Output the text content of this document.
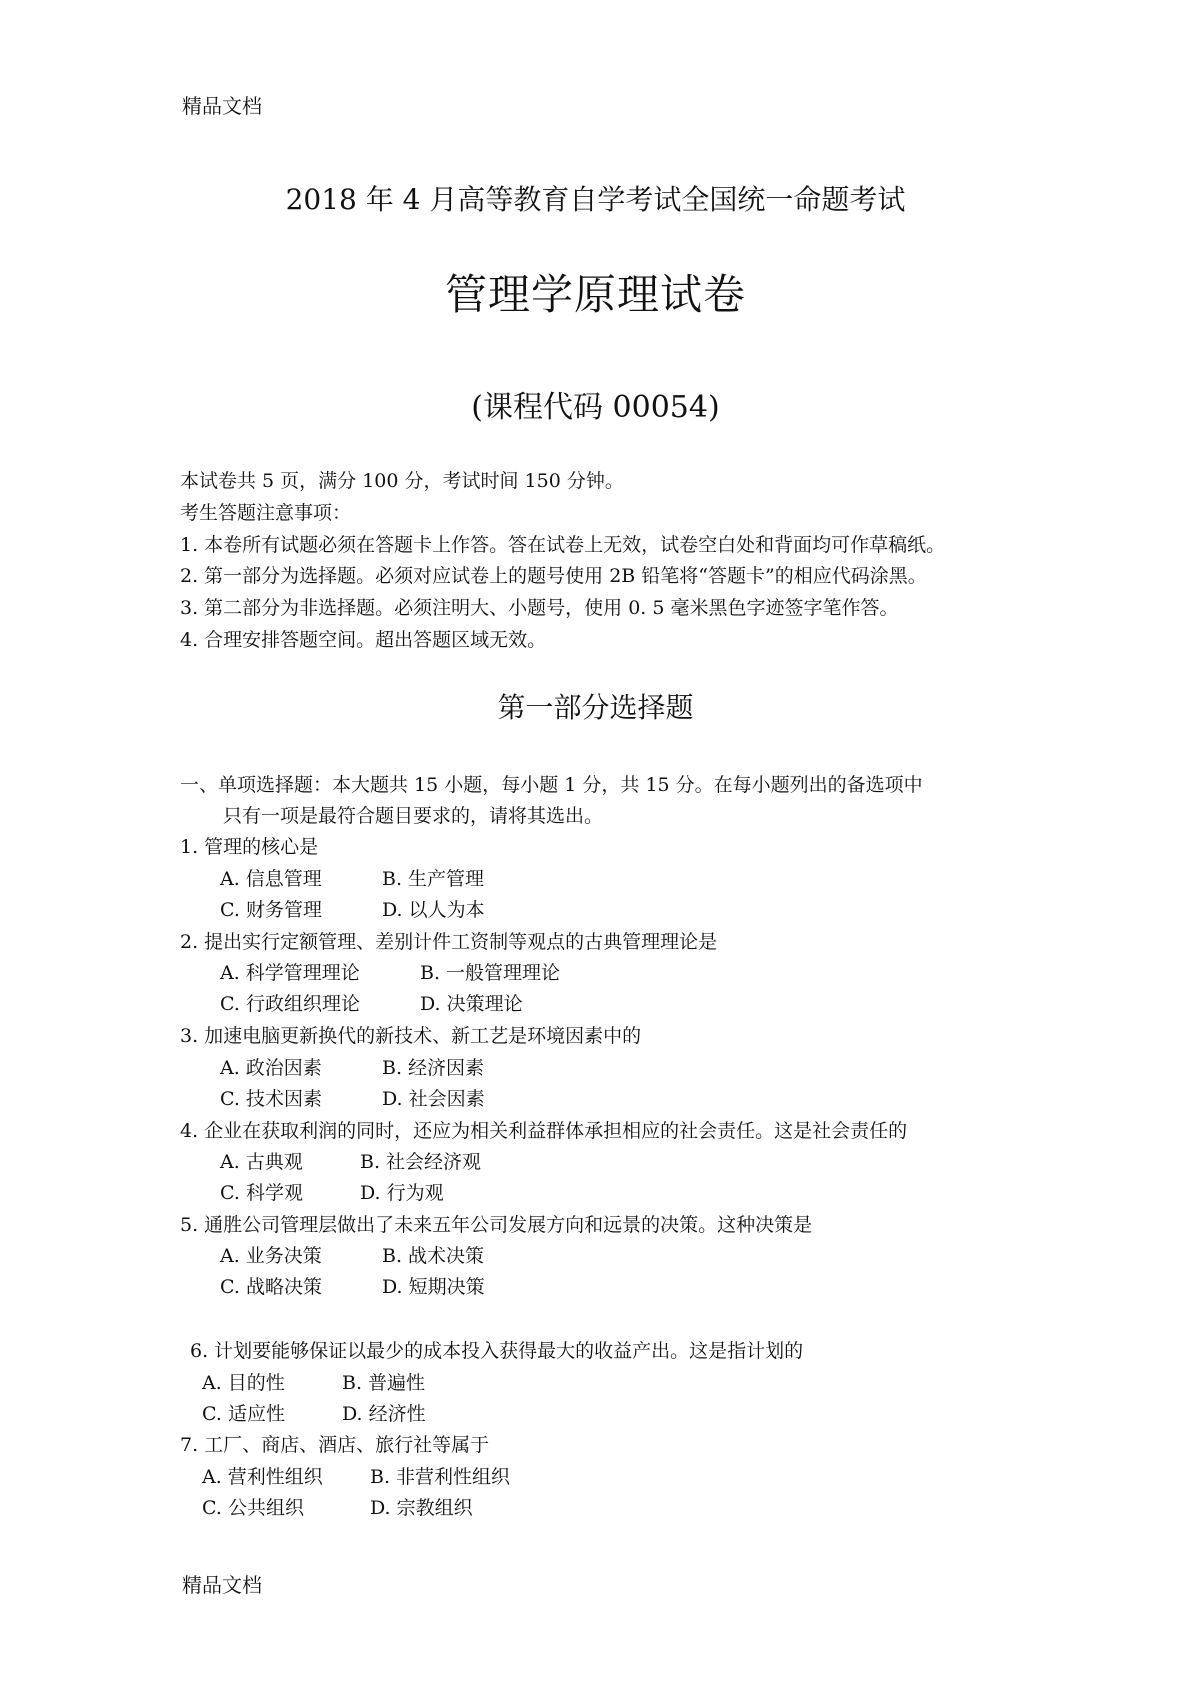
精品文档
精品文档
2018 年 4 月高等教育自学考试全国统一命题考试
管理学原理试卷
(课程代码 00054)
本试卷共 5 页，满分 100 分，考试时间 150 分钟。
考生答题注意事项：
1. 本卷所有试题必须在答题卡上作答。答在试卷上无效，试卷空白处和背面均可作草稿纸。
2. 第一部分为选择题。必须对应试卷上的题号使用 2B 铅笔将“答题卡”的相应代码涂黑。
3. 第二部分为非选择题。必须注明大、小题号，使用 0. 5 毫米黑色字迹签字笔作答。
4. 合理安排答题空间。超出答题区域无效。
第一部分选择题
一、单项选择题：本大题共 15 小题，每小题 1 分，共 15 分。在每小题列出的备选项中
只有一项是最符合题目要求的，请将其选出。
1. 管理的核心是
A. 信息管理	B. 生产管理
C. 财务管理	D. 以人为本
2. 提出实行定额管理、差别计件工资制等观点的古典管理理论是
A. 科学管理理论	B. 一般管理理论
C. 行政组织理论	D. 决策理论
3. 加速电脑更新换代的新技术、新工艺是环境因素中的
A. 政治因素	B. 经济因素
C. 技术因素	D. 社会因素
4. 企业在获取利润的同时，还应为相关利益群体承担相应的社会责任。这是社会责任的
A. 古典观	B. 社会经济观
C. 科学观	D. 行为观
5. 通胜公司管理层做出了未来五年公司发展方向和远景的决策。这种决策是
A. 业务决策	B. 战术决策
C. 战略决策	D. 短期决策
6. 计划要能够保证以最少的成本投入获得最大的收益产出。这是指计划的
A. 目的性	B. 普遍性
C. 适应性	D. 经济性
7. 工厂、商店、酒店、旅行社等属于
A. 营利性组织 B. 非营利性组织
C. 公共组织	D. 宗教组织
